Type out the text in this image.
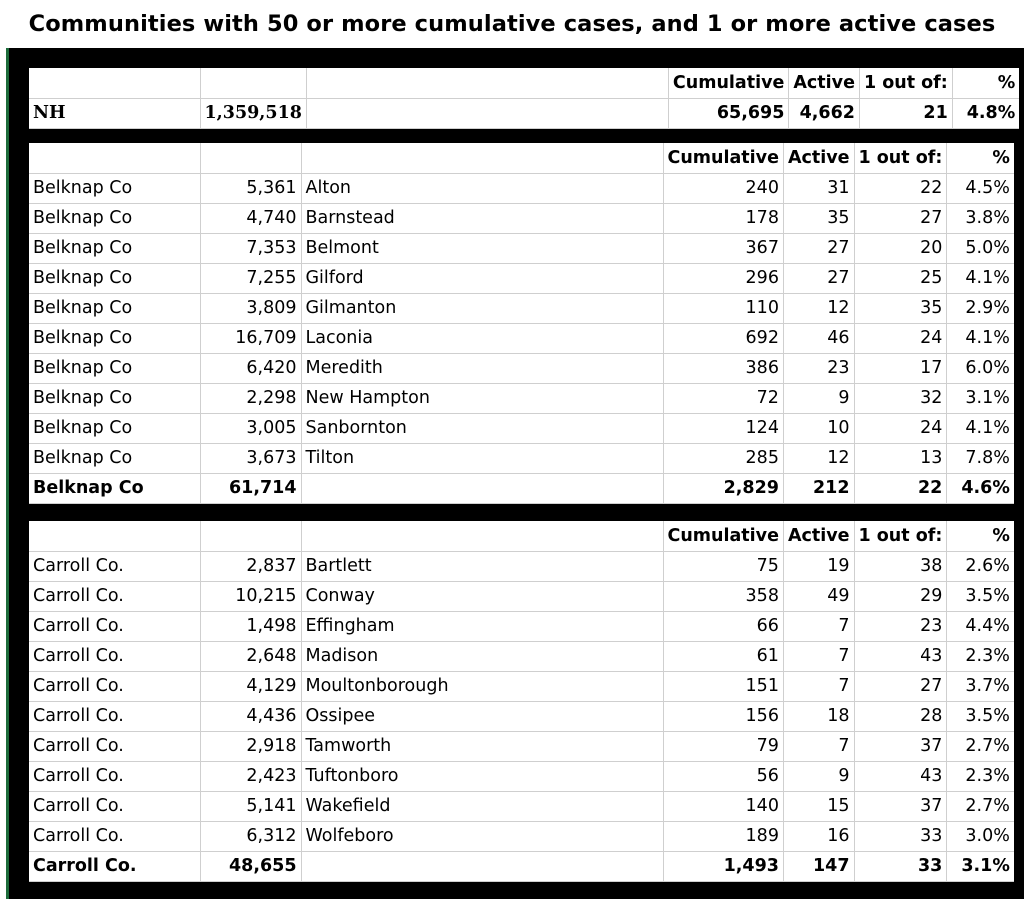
Communities with 50 or more cumulative cases, and 1 or more active cases
			Cumulative	Active	1 out of:	%
NH	1,359,518		65,695	4,662	21	4.8%
			Cumulative	Active	1 out of:	%
Belknap Co	5,361	Alton	240	31	22	4.5%
Belknap Co	4,740	Barnstead	178	35	27	3.8%
Belknap Co	7,353	Belmont	367	27	20	5.0%
Belknap Co	7,255	Gilford	296	27	25	4.1%
Belknap Co	3,809	Gilmanton	110	12	35	2.9%
Belknap Co	16,709	Laconia	692	46	24	4.1%
Belknap Co	6,420	Meredith	386	23	17	6.0%
Belknap Co	2,298	New Hampton	72	9	32	3.1%
Belknap Co	3,005	Sanbornton	124	10	24	4.1%
Belknap Co	3,673	Tilton	285	12	13	7.8%
Belknap Co	61,714		2,829	212	22	4.6%
			Cumulative	Active	1 out of:	%
Carroll Co.	2,837	Bartlett	75	19	38	2.6%
Carroll Co.	10,215	Conway	358	49	29	3.5%
Carroll Co.	1,498	Effingham	66	7	23	4.4%
Carroll Co.	2,648	Madison	61	7	43	2.3%
Carroll Co.	4,129	Moultonborough	151	7	27	3.7%
Carroll Co.	4,436	Ossipee	156	18	28	3.5%
Carroll Co.	2,918	Tamworth	79	7	37	2.7%
Carroll Co.	2,423	Tuftonboro	56	9	43	2.3%
Carroll Co.	5,141	Wakefield	140	15	37	2.7%
Carroll Co.	6,312	Wolfeboro	189	16	33	3.0%
Carroll Co.	48,655		1,493	147	33	3.1%
